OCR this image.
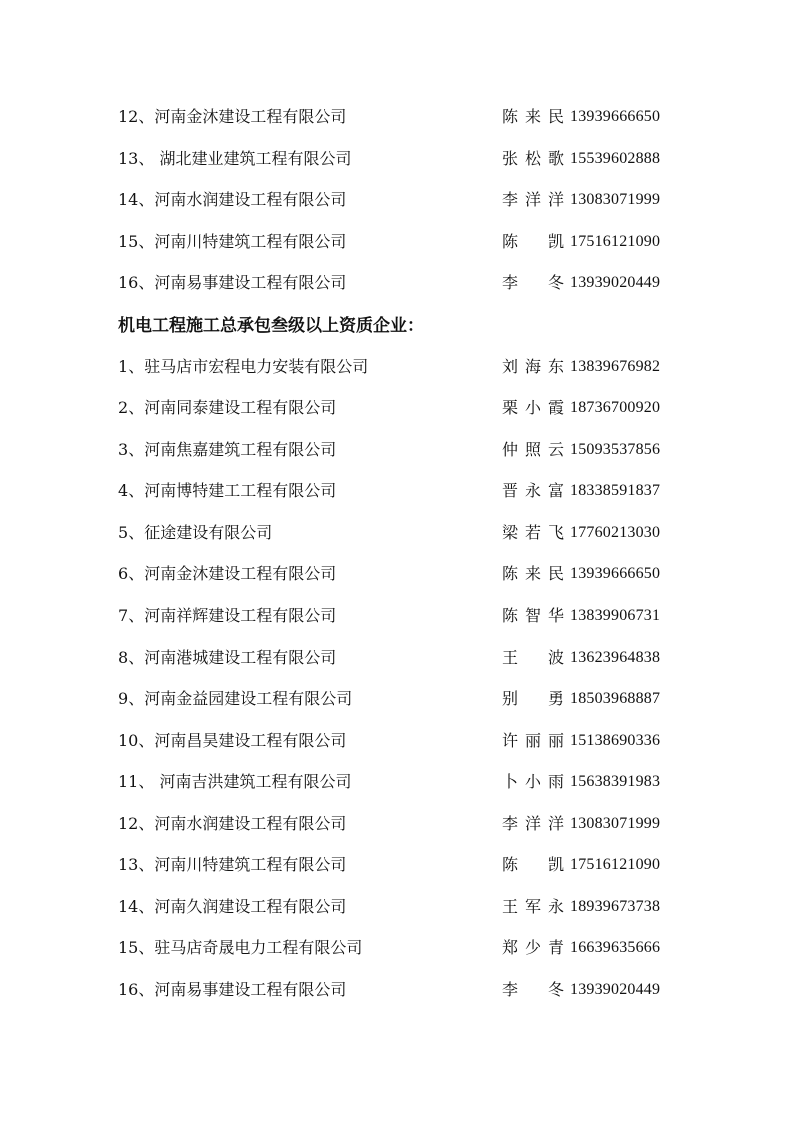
12、河南金沐建设工程有限公司	陈来民 13939666650
13、 湖北建业建筑工程有限公司	张松歌 15539602888
14、河南水润建设工程有限公司	李洋洋 13083071999
15、河南川特建筑工程有限公司	陈凯 17516121090
16、河南易事建设工程有限公司	李冬 13939020449
机电工程施工总承包叁级以上资质企业：
1、驻马店市宏程电力安装有限公司	刘海东 13839676982
2、河南同泰建设工程有限公司	栗小霞 18736700920
3、河南焦嘉建筑工程有限公司	仲照云 15093537856
4、河南博特建工工程有限公司	晋永富 18338591837
5、征途建设有限公司	梁若飞 17760213030
6、河南金沐建设工程有限公司	陈来民 13939666650
7、河南祥辉建设工程有限公司	陈智华 13839906731
8、河南港城建设工程有限公司	王波 13623964838
9、河南金益园建设工程有限公司	别勇 18503968887
10、河南昌昊建设工程有限公司	许丽丽 15138690336
11、 河南吉洪建筑工程有限公司	卜小雨 15638391983
12、河南水润建设工程有限公司	李洋洋 13083071999
13、河南川特建筑工程有限公司	陈凯 17516121090
14、河南久润建设工程有限公司	王军永 18939673738
15、驻马店奇晟电力工程有限公司	郑少青 16639635666
16、河南易事建设工程有限公司	李冬 13939020449
